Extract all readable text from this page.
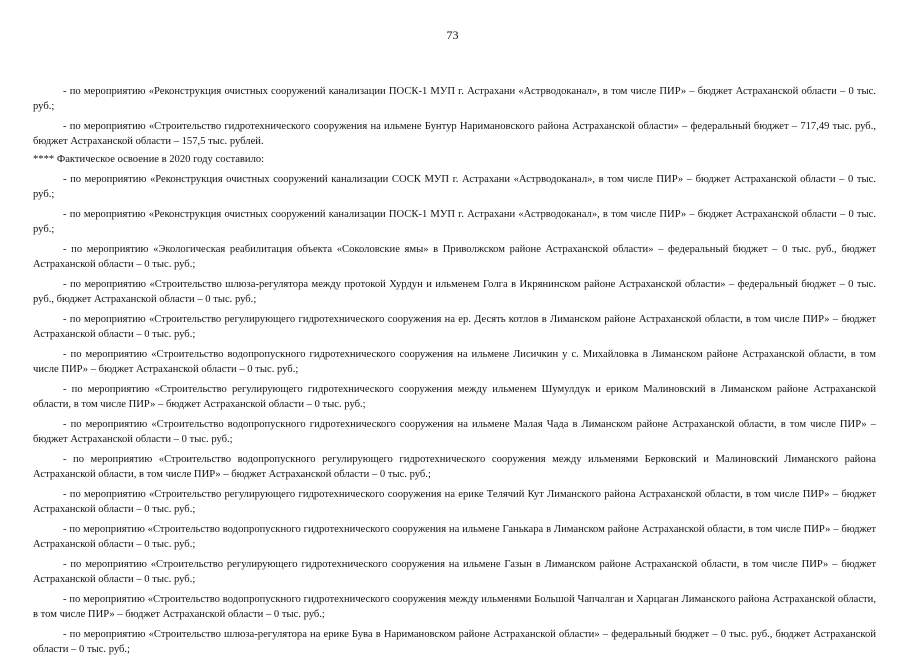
73

- по мероприятию «Реконструкция очистных сооружений канализации ПОСК-1 МУП г. Астрахани «Астрводоканал», в том числе ПИР» – бюджет Астраханской области – 0 тыс. руб.;

- по мероприятию «Строительство гидротехнического сооружения на ильмене Бунтур Наримановского района Астраханской области» – федеральный бюджет – 717,49 тыс. руб., бюджет Астраханской области – 157,5 тыс. рублей.

**** Фактическое освоение в 2020 году составило:

- по мероприятию «Реконструкция очистных сооружений канализации СОСК МУП г. Астрахани «Астрводоканал», в том числе ПИР» – бюджет Астраханской области – 0 тыс. руб.;

- по мероприятию «Реконструкция очистных сооружений канализации ПОСК-1 МУП г. Астрахани «Астрводоканал», в том числе ПИР» – бюджет Астраханской области – 0 тыс. руб.;

- по мероприятию «Экологическая реабилитация объекта «Соколовские ямы» в Приволжском районе Астраханской области» – федеральный бюджет – 0 тыс. руб., бюджет Астраханской области – 0 тыс. руб.;

- по мероприятию «Строительство шлюза-регулятора между протокой Хурдун и ильменем Голга в Икрянинском районе Астраханской области» – федеральный бюджет – 0 тыс. руб., бюджет Астраханской области – 0 тыс. руб.;

- по мероприятию «Строительство регулирующего гидротехнического сооружения на ер. Десять котлов в Лиманском районе Астраханской области, в том числе ПИР» – бюджет Астраханской области – 0 тыс. руб.;

- по мероприятию «Строительство водопропускного гидротехнического сооружения на ильмене Лисичкин у с. Михайловка в Лиманском районе Астраханской области, в том числе ПИР» – бюджет Астраханской области – 0 тыс. руб.;

- по мероприятию «Строительство регулирующего гидротехнического сооружения между ильменем Шумулдук и ериком Малиновский в Лиманском районе Астраханской области, в том числе ПИР» – бюджет Астраханской области – 0 тыс. руб.;

- по мероприятию «Строительство водопропускного гидротехнического сооружения на ильмене Малая Чада в Лиманском районе Астраханской области, в том числе ПИР» – бюджет Астраханской области – 0 тыс. руб.;

- по мероприятию «Строительство водопропускного регулирующего гидротехнического сооружения между ильменями Берковский и Малиновский Лиманского района Астраханской области, в том числе ПИР» – бюджет Астраханской области – 0 тыс. руб.;

- по мероприятию «Строительство регулирующего гидротехнического сооружения на ерике Телячий Кут Лиманского района Астраханской области, в том числе ПИР» – бюджет Астраханской области – 0 тыс. руб.;

- по мероприятию «Строительство водопропускного гидротехнического сооружения на ильмене Ганькара в Лиманском районе Астраханской области, в том числе ПИР» – бюджет Астраханской области – 0 тыс. руб.;

- по мероприятию «Строительство регулирующего гидротехнического сооружения на ильмене Газын в Лиманском районе Астраханской области, в том числе ПИР» – бюджет Астраханской области – 0 тыс. руб.;

- по мероприятию «Строительство водопропускного гидротехнического сооружения между ильменями Большой Чапчалган и Харцаган Лиманского района Астраханской области, в том числе ПИР» – бюджет Астраханской области – 0 тыс. руб.;

- по мероприятию «Строительство шлюза-регулятора на ерике Бува в Наримановском районе Астраханской области» – федеральный бюджет – 0 тыс. руб., бюджет Астраханской области – 0 тыс. руб.;
